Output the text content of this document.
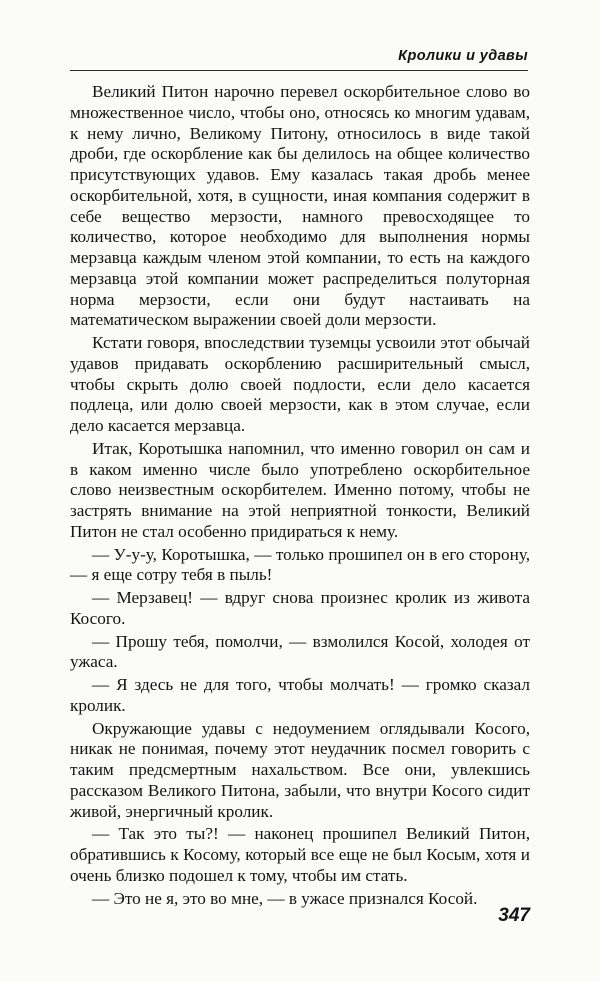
Кролики и удавы

Великий Питон нарочно перевел оскорбительное слово во множественное число, чтобы оно, относясь ко многим удавам, к нему лично, Великому Питону, относилось в виде такой дроби, где оскорбление как бы делилось на общее количество присутствующих удавов. Ему казалась такая дробь менее оскорбительной, хотя, в сущности, иная компания содержит в себе вещество мерзости, намного превосходящее то количество, которое необходимо для выполнения нормы мерзавца каждым членом этой компании, то есть на каждого мерзавца этой компании может распределиться полуторная норма мерзости, если они будут настаивать на математическом выражении своей доли мерзости.

Кстати говоря, впоследствии туземцы усвоили этот обычай удавов придавать оскорблению расширительный смысл, чтобы скрыть долю своей подлости, если дело касается подлеца, или долю своей мерзости, как в этом случае, если дело касается мерзавца.

Итак, Коротышка напомнил, что именно говорил он сам и в каком именно числе было употреблено оскорбительное слово неизвестным оскорбителем. Именно потому, чтобы не застрять внимание на этой неприятной тонкости, Великий Питон не стал особенно придираться к нему.

— У-у-у, Коротышка, — только прошипел он в его сторону, — я еще сотру тебя в пыль!

— Мерзавец! — вдруг снова произнес кролик из живота Косого.

— Прошу тебя, помолчи, — взмолился Косой, холодея от ужаса.

— Я здесь не для того, чтобы молчать! — громко сказал кролик.

Окружающие удавы с недоумением оглядывали Косого, никак не понимая, почему этот неудачник посмел говорить с таким предсмертным нахальством. Все они, увлекшись рассказом Великого Питона, забыли, что внутри Косого сидит живой, энергичный кролик.

— Так это ты?! — наконец прошипел Великий Питон, обратившись к Косому, который все еще не был Косым, хотя и очень близко подошел к тому, чтобы им стать.

— Это не я, это во мне, — в ужасе признался Косой.

347
